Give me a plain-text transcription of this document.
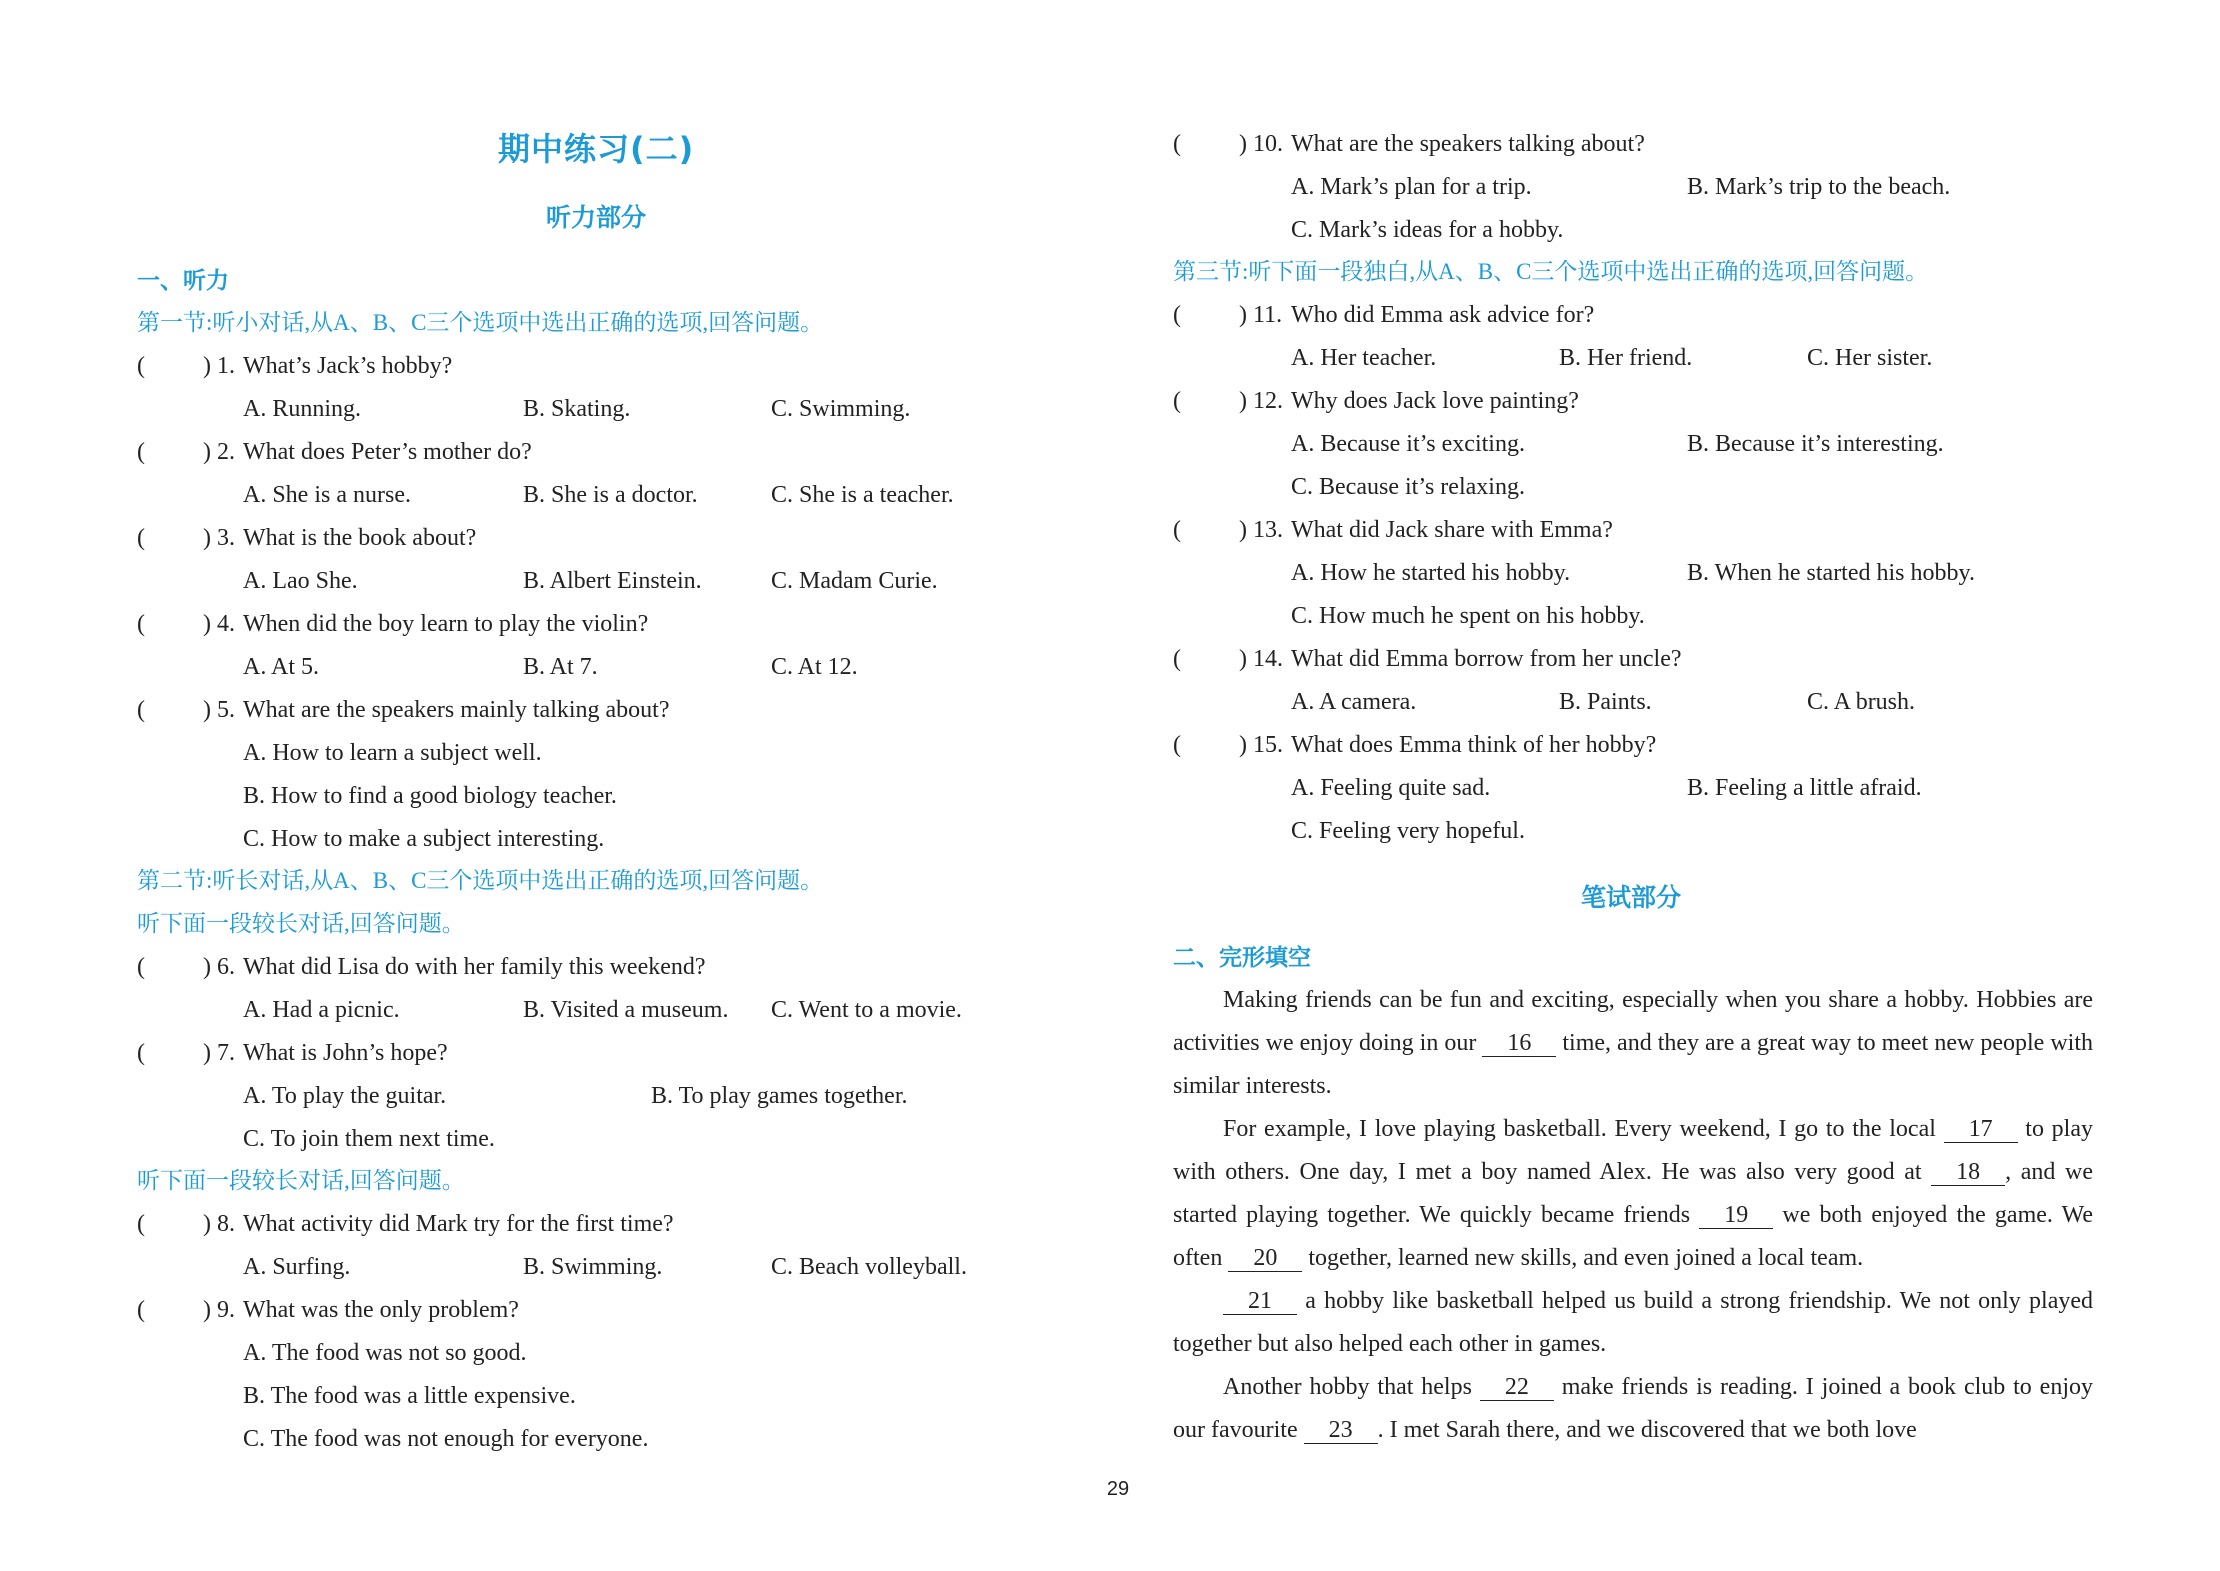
期中练习(二)
听力部分
一、听力
第一节:听小对话,从A、B、C三个选项中选出正确的选项,回答问题。
( ) 1. What’s Jack’s hobby?
A. Running.	B. Skating.	C. Swimming.
( ) 2. What does Peter’s mother do?
A. She is a nurse.	B. She is a doctor.	C. She is a teacher.
( ) 3. What is the book about?
A. Lao She.	B. Albert Einstein.	C. Madam Curie.
( ) 4. When did the boy learn to play the violin?
A. At 5.	B. At 7.	C. At 12.
( ) 5. What are the speakers mainly talking about?
A. How to learn a subject well.
B. How to find a good biology teacher.
C. How to make a subject interesting.
第二节:听长对话,从A、B、C三个选项中选出正确的选项,回答问题。
听下面一段较长对话,回答问题。
( ) 6. What did Lisa do with her family this weekend?
A. Had a picnic.	B. Visited a museum. C. Went to a movie.
( ) 7. What is John’s hope?
A. To play the guitar.	B. To play games together.
C. To join them next time.
听下面一段较长对话,回答问题。
( ) 8. What activity did Mark try for the first time?
A. Surfing.	B. Swimming.	C. Beach volleyball.
( ) 9. What was the only problem?
A. The food was not so good.
B. The food was a little expensive.
C. The food was not enough for everyone.
( ) 10. What are the speakers talking about?
A. Mark’s plan for a trip.	B. Mark’s trip to the beach.
C. Mark’s ideas for a hobby.
第三节:听下面一段独白,从A、B、C三个选项中选出正确的选项,回答问题。
( ) 11. Who did Emma ask advice for?
A. Her teacher.	B. Her friend.	C. Her sister.
( ) 12. Why does Jack love painting?
A. Because it’s exciting.	B. Because it’s interesting.
C. Because it’s relaxing.
( ) 13. What did Jack share with Emma?
A. How he started his hobby.	B. When he started his hobby.
C. How much he spent on his hobby.
( ) 14. What did Emma borrow from her uncle?
A. A camera.	B. Paints.	C. A brush.
( ) 15. What does Emma think of her hobby?
A. Feeling quite sad.	B. Feeling a little afraid.
C. Feeling very hopeful.
笔试部分
二、完形填空
Making friends can be fun and exciting, especially when you share a hobby. Hobbies are activities we enjoy doing in our 16 time, and they are a great way to meet new people with similar interests.
For example, I love playing basketball. Every weekend, I go to the local 17 to play with others. One day, I met a boy named Alex. He was also very good at 18 , and we started playing together. We quickly became friends 19 we both enjoyed the game. We often 20 together, learned new skills, and even joined a local team.
21 a hobby like basketball helped us build a strong friendship. We not only played together but also helped each other in games.
Another hobby that helps 22 make friends is reading. I joined a book club to enjoy our favourite 23 . I met Sarah there, and we discovered that we both love
29
